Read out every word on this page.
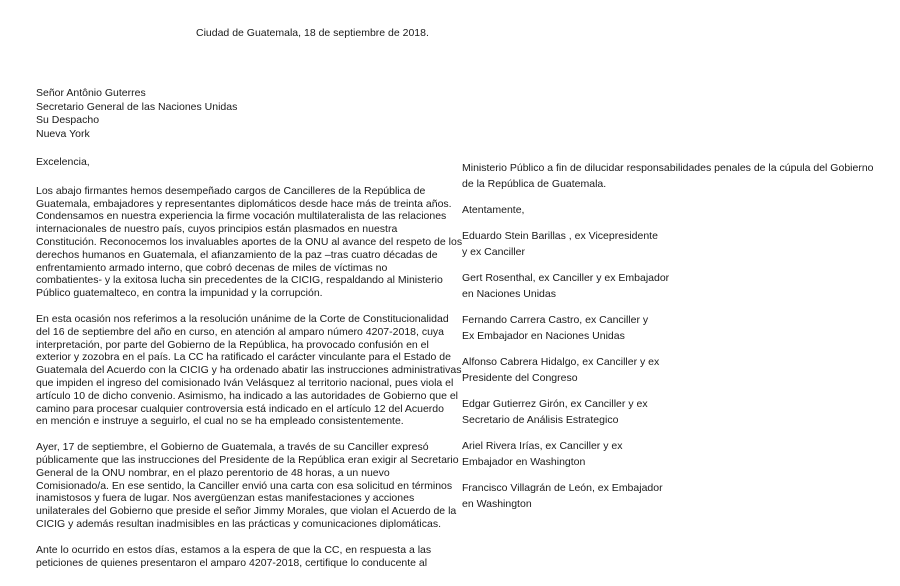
Ciudad de Guatemala, 18 de septiembre de 2018.
Señor Antônio Guterres
Secretario General de las Naciones Unidas
Su Despacho
Nueva York
Excelencia,
Los abajo firmantes hemos desempeñado cargos de Cancilleres de la República de
Guatemala, embajadores y representantes diplomáticos desde hace más de treinta años.
Condensamos en nuestra experiencia la firme vocación multilateralista de las relaciones
internacionales de nuestro país, cuyos principios están plasmados en nuestra
Constitución. Reconocemos los invaluables aportes de la ONU al avance del respeto de los
derechos humanos en Guatemala, el afianzamiento de la paz –tras cuatro décadas de
enfrentamiento armado interno, que cobró decenas de miles de víctimas no
combatientes- y la exitosa lucha sin precedentes de la CICIG, respaldando al Ministerio
Público guatemalteco, en contra la impunidad y la corrupción.
En esta ocasión nos referimos a la resolución unánime de la Corte de Constitucionalidad
del 16 de septiembre del año en curso, en atención al amparo número 4207-2018, cuya
interpretación, por parte del Gobierno de la República, ha provocado confusión en el
exterior y zozobra en el país. La CC ha ratificado el carácter vinculante para el Estado de
Guatemala del Acuerdo con la CICIG y ha ordenado abatir las instrucciones administrativas
que impiden el ingreso del comisionado Iván Velásquez al territorio nacional, pues viola el
artículo 10 de dicho convenio. Asimismo, ha indicado a las autoridades de Gobierno que el
camino para procesar cualquier controversia está indicado en el artículo 12 del Acuerdo
en mención e instruye a seguirlo, el cual no se ha empleado consistentemente.
Ayer, 17 de septiembre, el Gobierno de Guatemala, a través de su Canciller expresó
públicamente que las instrucciones del Presidente de la República eran exigir al Secretario
General de la ONU nombrar, en el plazo perentorio de 48 horas, a un nuevo
Comisionado/a. En ese sentido, la Canciller envió una carta con esa solicitud en términos
inamistosos y fuera de lugar. Nos avergüenzan estas manifestaciones y acciones
unilaterales del Gobierno que preside el señor Jimmy Morales, que violan el Acuerdo de la
CICIG y además resultan inadmisibles en las prácticas y comunicaciones diplomáticas.
Ante lo ocurrido en estos días, estamos a la espera de que la CC, en respuesta a las
peticiones de quienes presentaron el amparo 4207-2018, certifique lo conducente al
Ministerio Público a fin de dilucidar responsabilidades penales de la cúpula del Gobierno
de la República de Guatemala.
Atentamente,
Eduardo Stein Barillas , ex Vicepresidente
y ex Canciller
Gert Rosenthal, ex Canciller y ex Embajador
en Naciones Unidas
Fernando Carrera Castro, ex Canciller y
Ex Embajador en Naciones Unidas
Alfonso Cabrera Hidalgo, ex Canciller y ex
Presidente del Congreso
Edgar Gutierrez Girón, ex Canciller y ex
Secretario de Análisis Estrategico
Ariel Rivera Irías, ex Canciller y ex
Embajador en Washington
Francisco Villagrán de León, ex Embajador
en Washington
